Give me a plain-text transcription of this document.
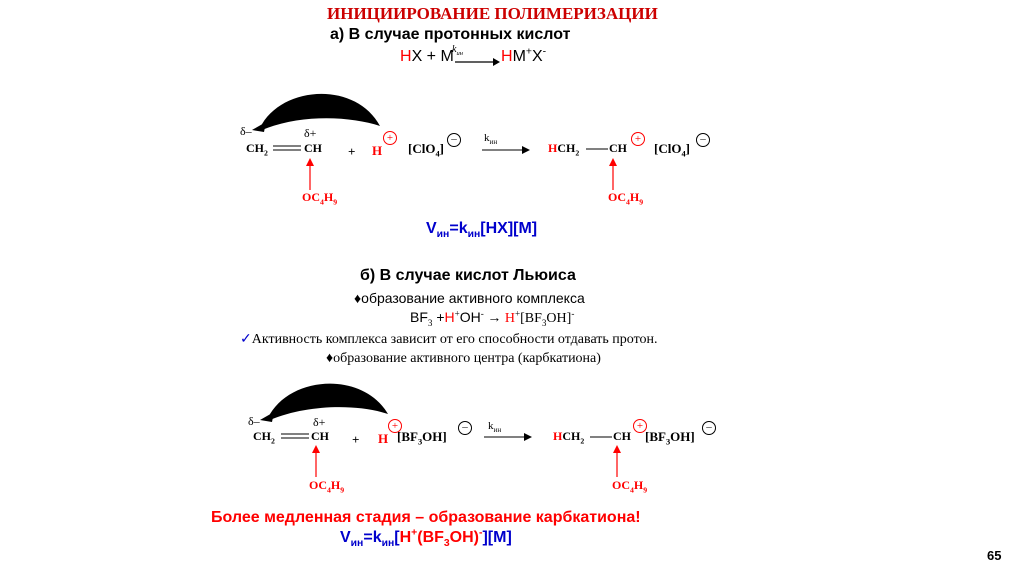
ИНИЦИИРОВАНИЕ ПОЛИМЕРИЗАЦИИ
а) В случае протонных кислот
HX + M
$k_{ин}$ HM+X-
δ–	δ+
$CH_2$	CH + H
+
[ClO$_4$]
–	$k_{ин}$	$HCH_2$ CH
+
[ClO$_4$]
–
$OC_4H_9$	$OC_4H_9$
$V_{ин}=k_{ин}[HX][M]$
б) В случае кислот Льюиса
♦образование активного комплекса
$BF_3 +H^+OH^- \to H^+[BF_3OH]^-$
✓Активность комплекса зависит от его способности отдавать протон.
♦образование активного центра (карбкатиона)
δ–	δ+
$CH_2$	CH + H
+
$[BF_3OH]$
–	$k_{ин}$	$HCH_2$ CH
+
$[BF_3OH]$
–
$OC_4H_9$	$OC_4H_9$
Более медленная стадия – образование карбкатиона!
$V_{ин}=k_{ин}[H^+(BF_3OH)^-][M]$
65
